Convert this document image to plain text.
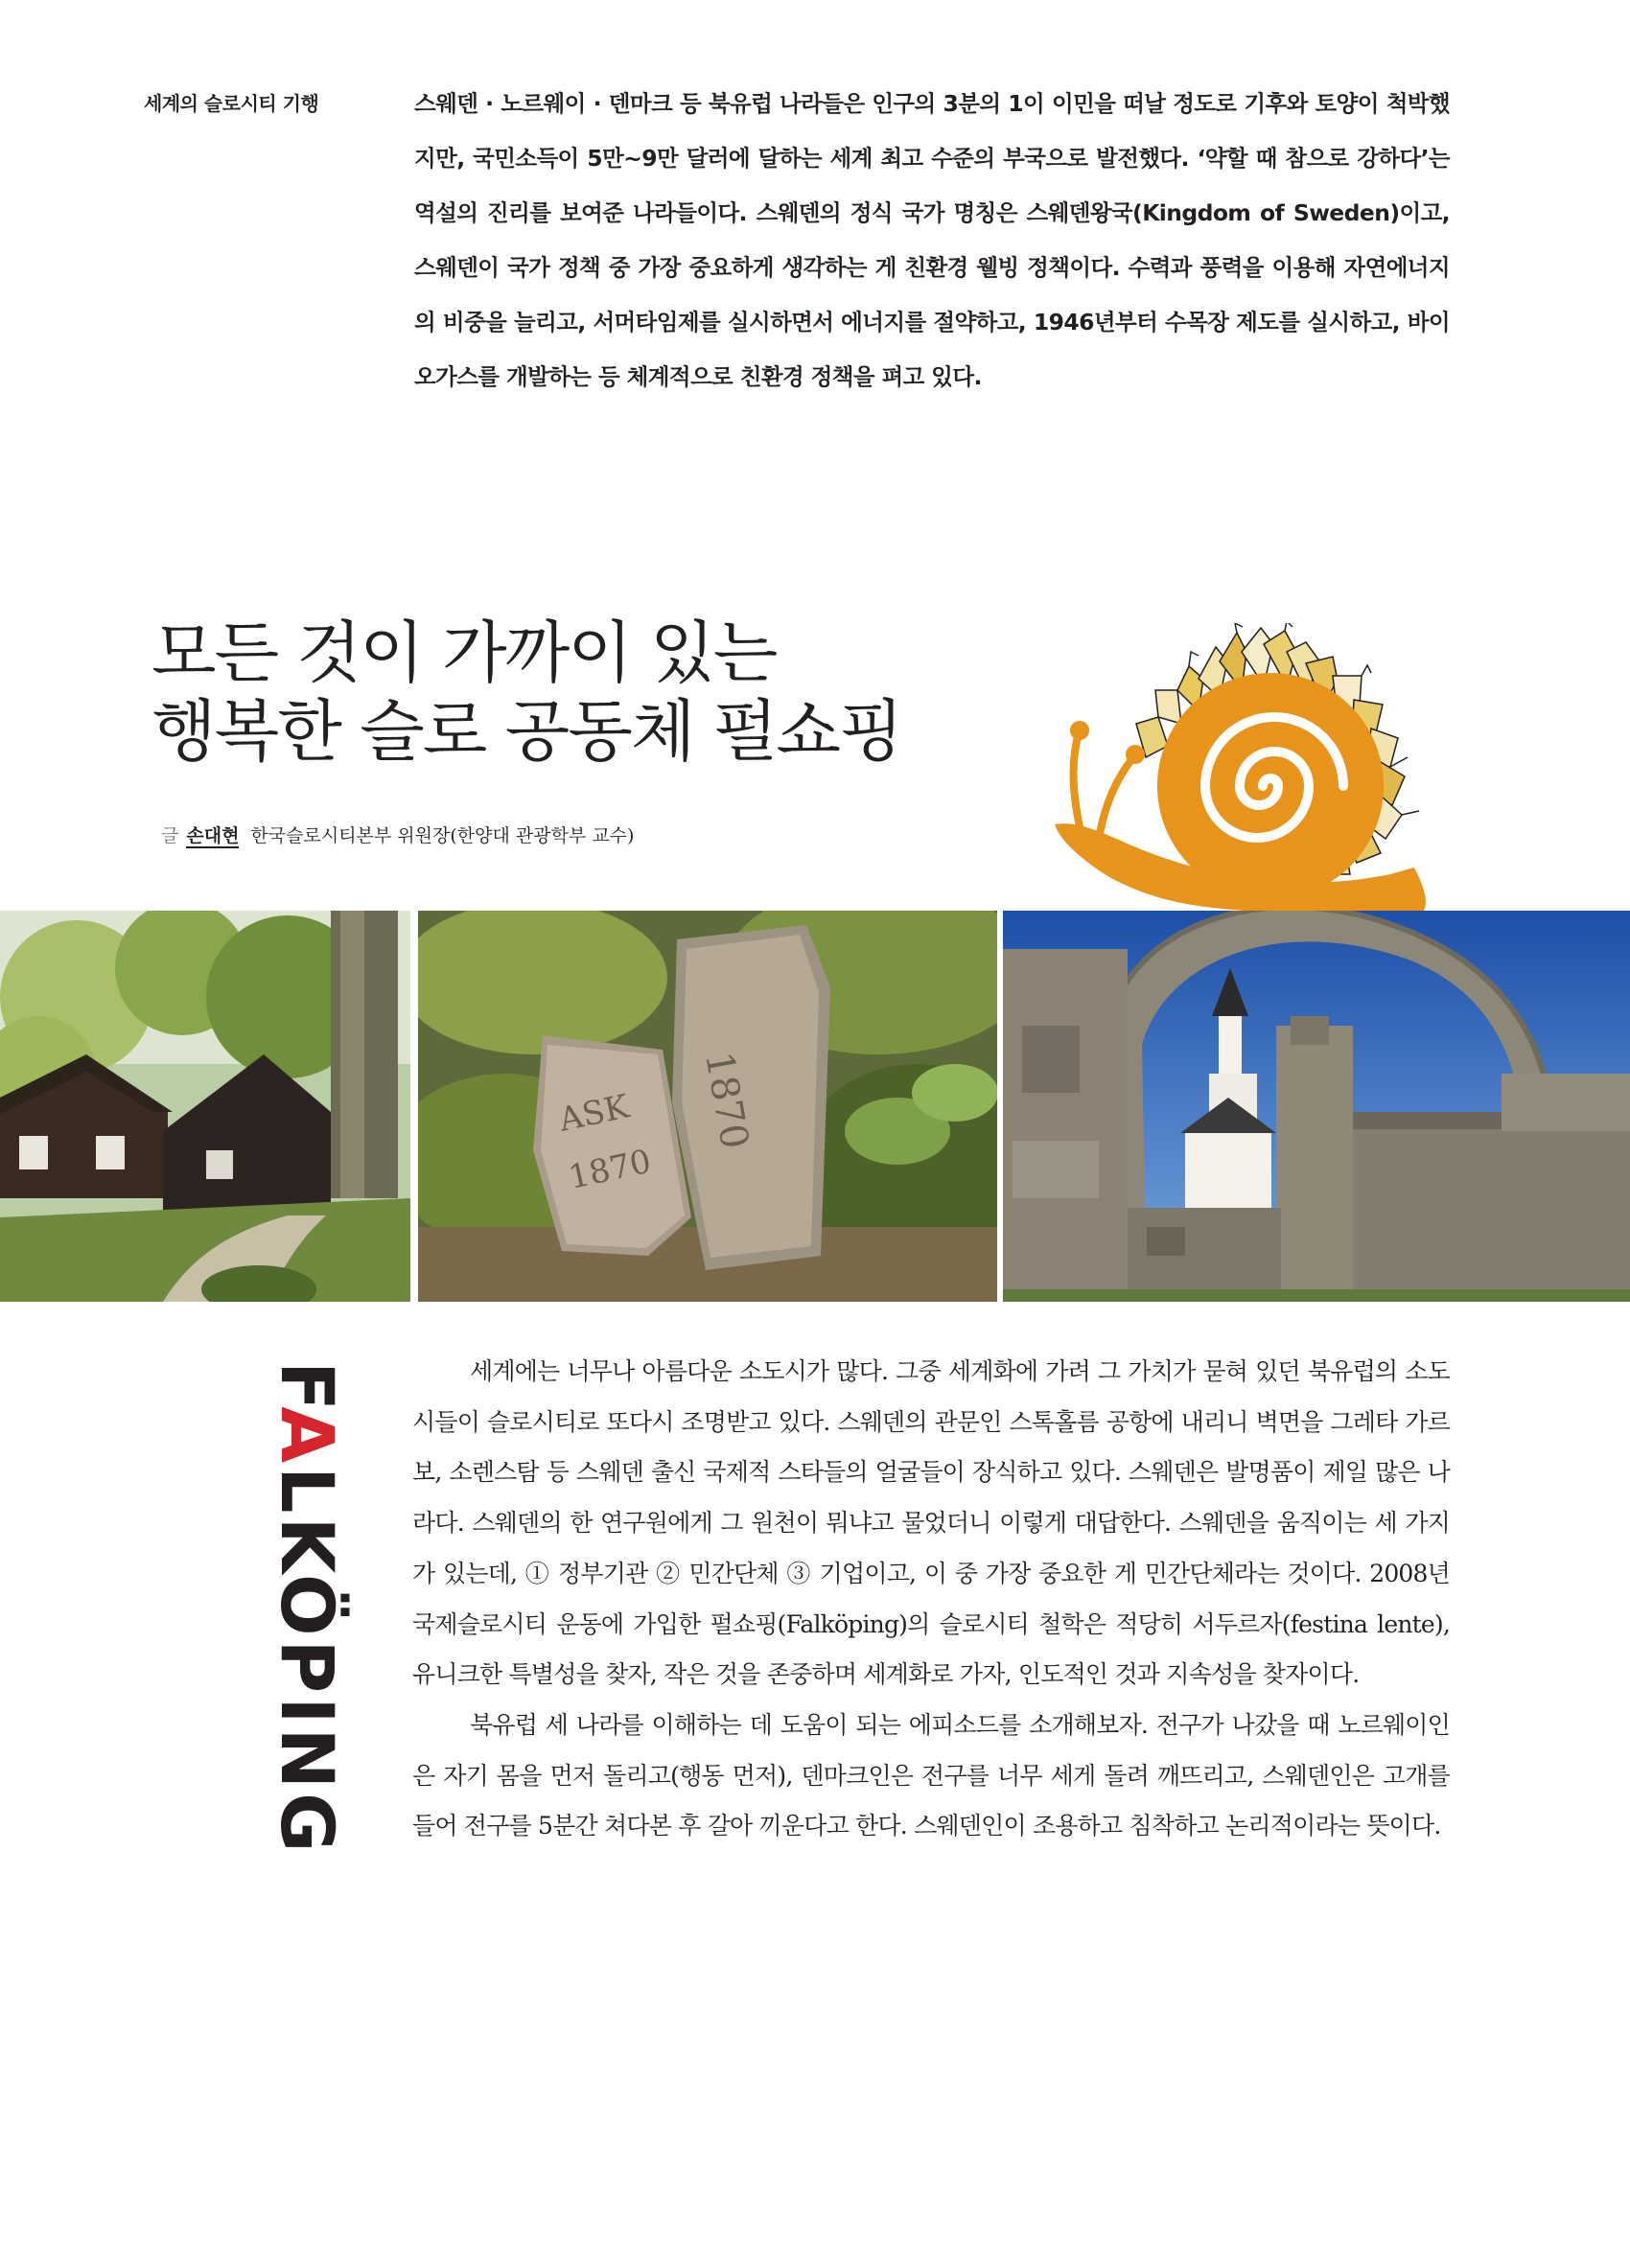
세계의 슬로시티 기행	스웨덴 · 노르웨이 · 덴마크 등 북유럽 나라들은 인구의 3분의 1이 이민을 떠날 정도로 기후와 토양이 척박했지만, 국민소득이 5만~9만 달러에 달하는 세계 최고 수준의 부국으로 발전했다. ‘약할 때 참으로 강하다’는 역설의 진리를 보여준 나라들이다. 스웨덴의 정식 국가 명칭은 스웨덴왕국(Kingdom of Sweden)이고, 스웨덴이 국가 정책 중 가장 중요하게 생각하는 게 친환경 웰빙 정책이다. 수력과 풍력을 이용해 자연에너지의 비중을 늘리고, 서머타임제를 실시하면서 에너지를 절약하고, 1946년부터 수목장 제도를 실시하고, 바이오가스를 개발하는 등 체계적으로 친환경 정책을 펴고 있다.
모든 것이 가까이 있는
행복한 슬로 공동체 펄쇼핑
글 손대현 한국슬로시티본부 위원장(한양대 관광학부 교수)
ASK
1870
1870
FALKÖPING

세계에는 너무나 아름다운 소도시가 많다. 그중 세계화에 가려 그 가치가 묻혀 있던 북유럽의 소도시들이 슬로시티로 또다시 조명받고 있다. 스웨덴의 관문인 스톡홀름 공항에 내리니 벽면을 그레타 가르보, 소렌스탐 등 스웨덴 출신 국제적 스타들의 얼굴들이 장식하고 있다. 스웨덴은 발명품이 제일 많은 나라다. 스웨덴의 한 연구원에게 그 원천이 뭐냐고 물었더니 이렇게 대답한다. 스웨덴을 움직이는 세 가지가 있는데, ① 정부기관 ② 민간단체 ③ 기업이고, 이 중 가장 중요한 게 민간단체라는 것이다. 2008년 국제슬로시티 운동에 가입한 펄쇼핑(Falköping)의 슬로시티 철학은 적당히 서두르자(festina lente), 유니크한 특별성을 찾자, 작은 것을 존중하며 세계화로 가자, 인도적인 것과 지속성을 찾자이다.

북유럽 세 나라를 이해하는 데 도움이 되는 에피소드를 소개해보자. 전구가 나갔을 때 노르웨이인은 자기 몸을 먼저 돌리고(행동 먼저), 덴마크인은 전구를 너무 세게 돌려 깨뜨리고, 스웨덴인은 고개를 들어 전구를 5분간 쳐다본 후 갈아 끼운다고 한다. 스웨덴인이 조용하고 침착하고 논리적이라는 뜻이다.
